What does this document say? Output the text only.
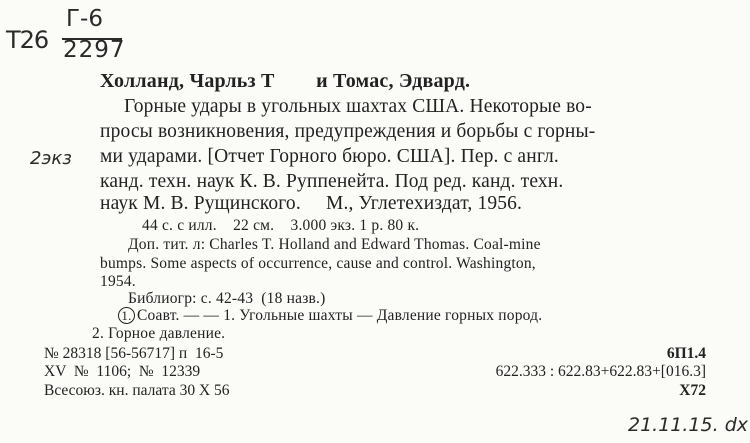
T26
Г-6
2297
2экз
Холланд, Чарльз Т        и Томас, Эдвард.
Горные удары в угольных шахтах США. Некоторые во-
просы возникновения, предупреждения и борьбы с горны-
ми ударами. [Отчет Горного бюро. США]. Пер. с англ.
канд. техн. наук К. В. Руппенейта. Под ред. канд. техн.
наук М. В. Рущинского.     М., Углетехиздат, 1956.
44 с. с илл.    22 см.    3.000 экз. 1 р. 80 к.
Доп. тит. л: Charles T. Holland and Edward Thomas. Coal-mine
bumps. Some aspects of occurrence, cause and control. Washington,
1954.
Библиогр: с. 42-43  (18 назв.)
1. Соавт. — — 1. Угольные шахты — Давление горных пород.
2. Горное давление.
№ 28318 [56-56717] п  16-5
XV  №  1106;  №  12339
Всесоюз. кн. палата 30 X 56
6П1.4
622.333 : 622.83+622.83+[016.3]
X72
21.11.15. dx
